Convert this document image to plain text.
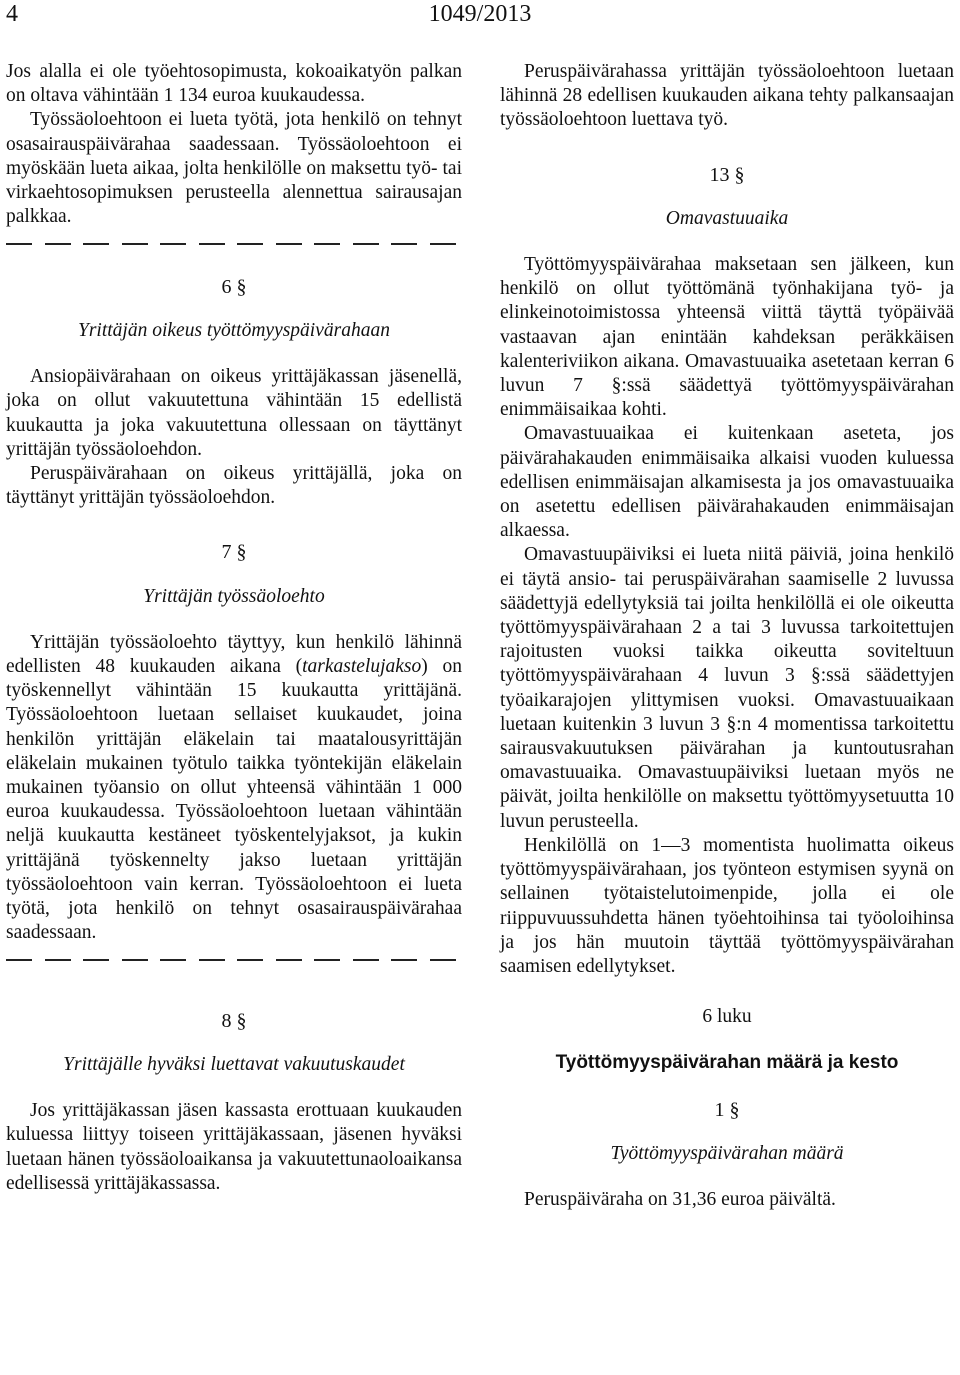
4	1049/2013

Jos alalla ei ole työehtosopimusta, kokoaikatyön palkan on oltava vähintään 1 134 euroa kuukaudessa.

Työssäoloehtoon ei lueta työtä, jota henkilö on tehnyt osasairauspäivärahaa saadessaan. Työssäoloehtoon ei myöskään lueta aikaa, jolta henkilölle on maksettu työ- tai virkaehtosopimuksen perusteella alennettua sairausajan palkkaa.

6 §

Yrittäjän oikeus työttömyyspäivärahaan

Ansiopäivärahaan on oikeus yrittäjäkassan jäsenellä, joka on ollut vakuutettuna vähintään 15 edellistä kuukautta ja joka vakuutettuna ollessaan on täyttänyt yrittäjän työssäoloehdon.

Peruspäivärahaan on oikeus yrittäjällä, joka on täyttänyt yrittäjän työssäoloehdon.

7 §

Yrittäjän työssäoloehto

Yrittäjän työssäoloehto täyttyy, kun henkilö lähinnä edellisten 48 kuukauden aikana (tarkastelujakso) on työskennellyt vähintään 15 kuukautta yrittäjänä. Työssäoloehtoon luetaan sellaiset kuukaudet, joina henkilön yrittäjän eläkelain tai maatalousyrittäjän eläkelain mukainen työtulo taikka työntekijän eläkelain mukainen työansio on ollut yhteensä vähintään 1 000 euroa kuukaudessa. Työssäoloehtoon luetaan vähintään neljä kuukautta kestäneet työskentelyjaksot, ja kukin yrittäjänä työskennelty jakso luetaan yrittäjän työssäoloehtoon vain kerran. Työssäoloehtoon ei lueta työtä, jota henkilö on tehnyt osasairauspäivärahaa saadessaan.

8 §

Yrittäjälle hyväksi luettavat vakuutuskaudet

Jos yrittäjäkassan jäsen kassasta erottuaan kuukauden kuluessa liittyy toiseen yrittäjäkassaan, jäsenen hyväksi luetaan hänen työssäoloaikansa ja vakuutettunaoloaikansa edellisessä yrittäjäkassassa.

Peruspäivärahassa yrittäjän työssäoloehtoon luetaan lähinnä 28 edellisen kuukauden aikana tehty palkansaajan työssäoloehtoon luettava työ.

13 §

Omavastuuaika

Työttömyyspäivärahaa maksetaan sen jälkeen, kun henkilö on ollut työttömänä työnhakijana työ- ja elinkeinotoimistossa yhteensä viittä täyttä työpäivää vastaavan ajan enintään kahdeksan peräkkäisen kalenteriviikon aikana. Omavastuuaika asetetaan kerran 6 luvun 7 §:ssä säädettyä työttömyyspäivärahan enimmäisaikaa kohti.

Omavastuuaikaa ei kuitenkaan aseteta, jos päivärahakauden enimmäisaika alkaisi vuoden kuluessa edellisen enimmäisajan alkamisesta ja jos omavastuuaika on asetettu edellisen päivärahakauden enimmäisajan alkaessa.

Omavastuupäiviksi ei lueta niitä päiviä, joina henkilö ei täytä ansio- tai peruspäivärahan saamiselle 2 luvussa säädettyjä edellytyksiä tai joilta henkilöllä ei ole oikeutta työttömyyspäivärahaan 2 a tai 3 luvussa tarkoitettujen rajoitusten vuoksi taikka oikeutta soviteltuun työttömyyspäivärahaan 4 luvun 3 §:ssä säädettyjen työaikarajojen ylittymisen vuoksi. Omavastuuaikaan luetaan kuitenkin 3 luvun 3 §:n 4 momentissa tarkoitettu sairausvakuutuksen päivärahan ja kuntoutusrahan omavastuuaika. Omavastuupäiviksi luetaan myös ne päivät, joilta henkilölle on maksettu työttömyysetuutta 10 luvun perusteella.

Henkilöllä on 1—3 momentista huolimatta oikeus työttömyyspäivärahaan, jos työnteon estymisen syynä on sellainen työtaistelutoimenpide, jolla ei ole riippuvuussuhdetta hänen työehtoihinsa tai työoloihinsa ja jos hän muutoin täyttää työttömyyspäivärahan saamisen edellytykset.

6 luku

Työttömyyspäivärahan määrä ja kesto

1 §

Työttömyyspäivärahan määrä

Peruspäiväraha on 31,36 euroa päivältä.
